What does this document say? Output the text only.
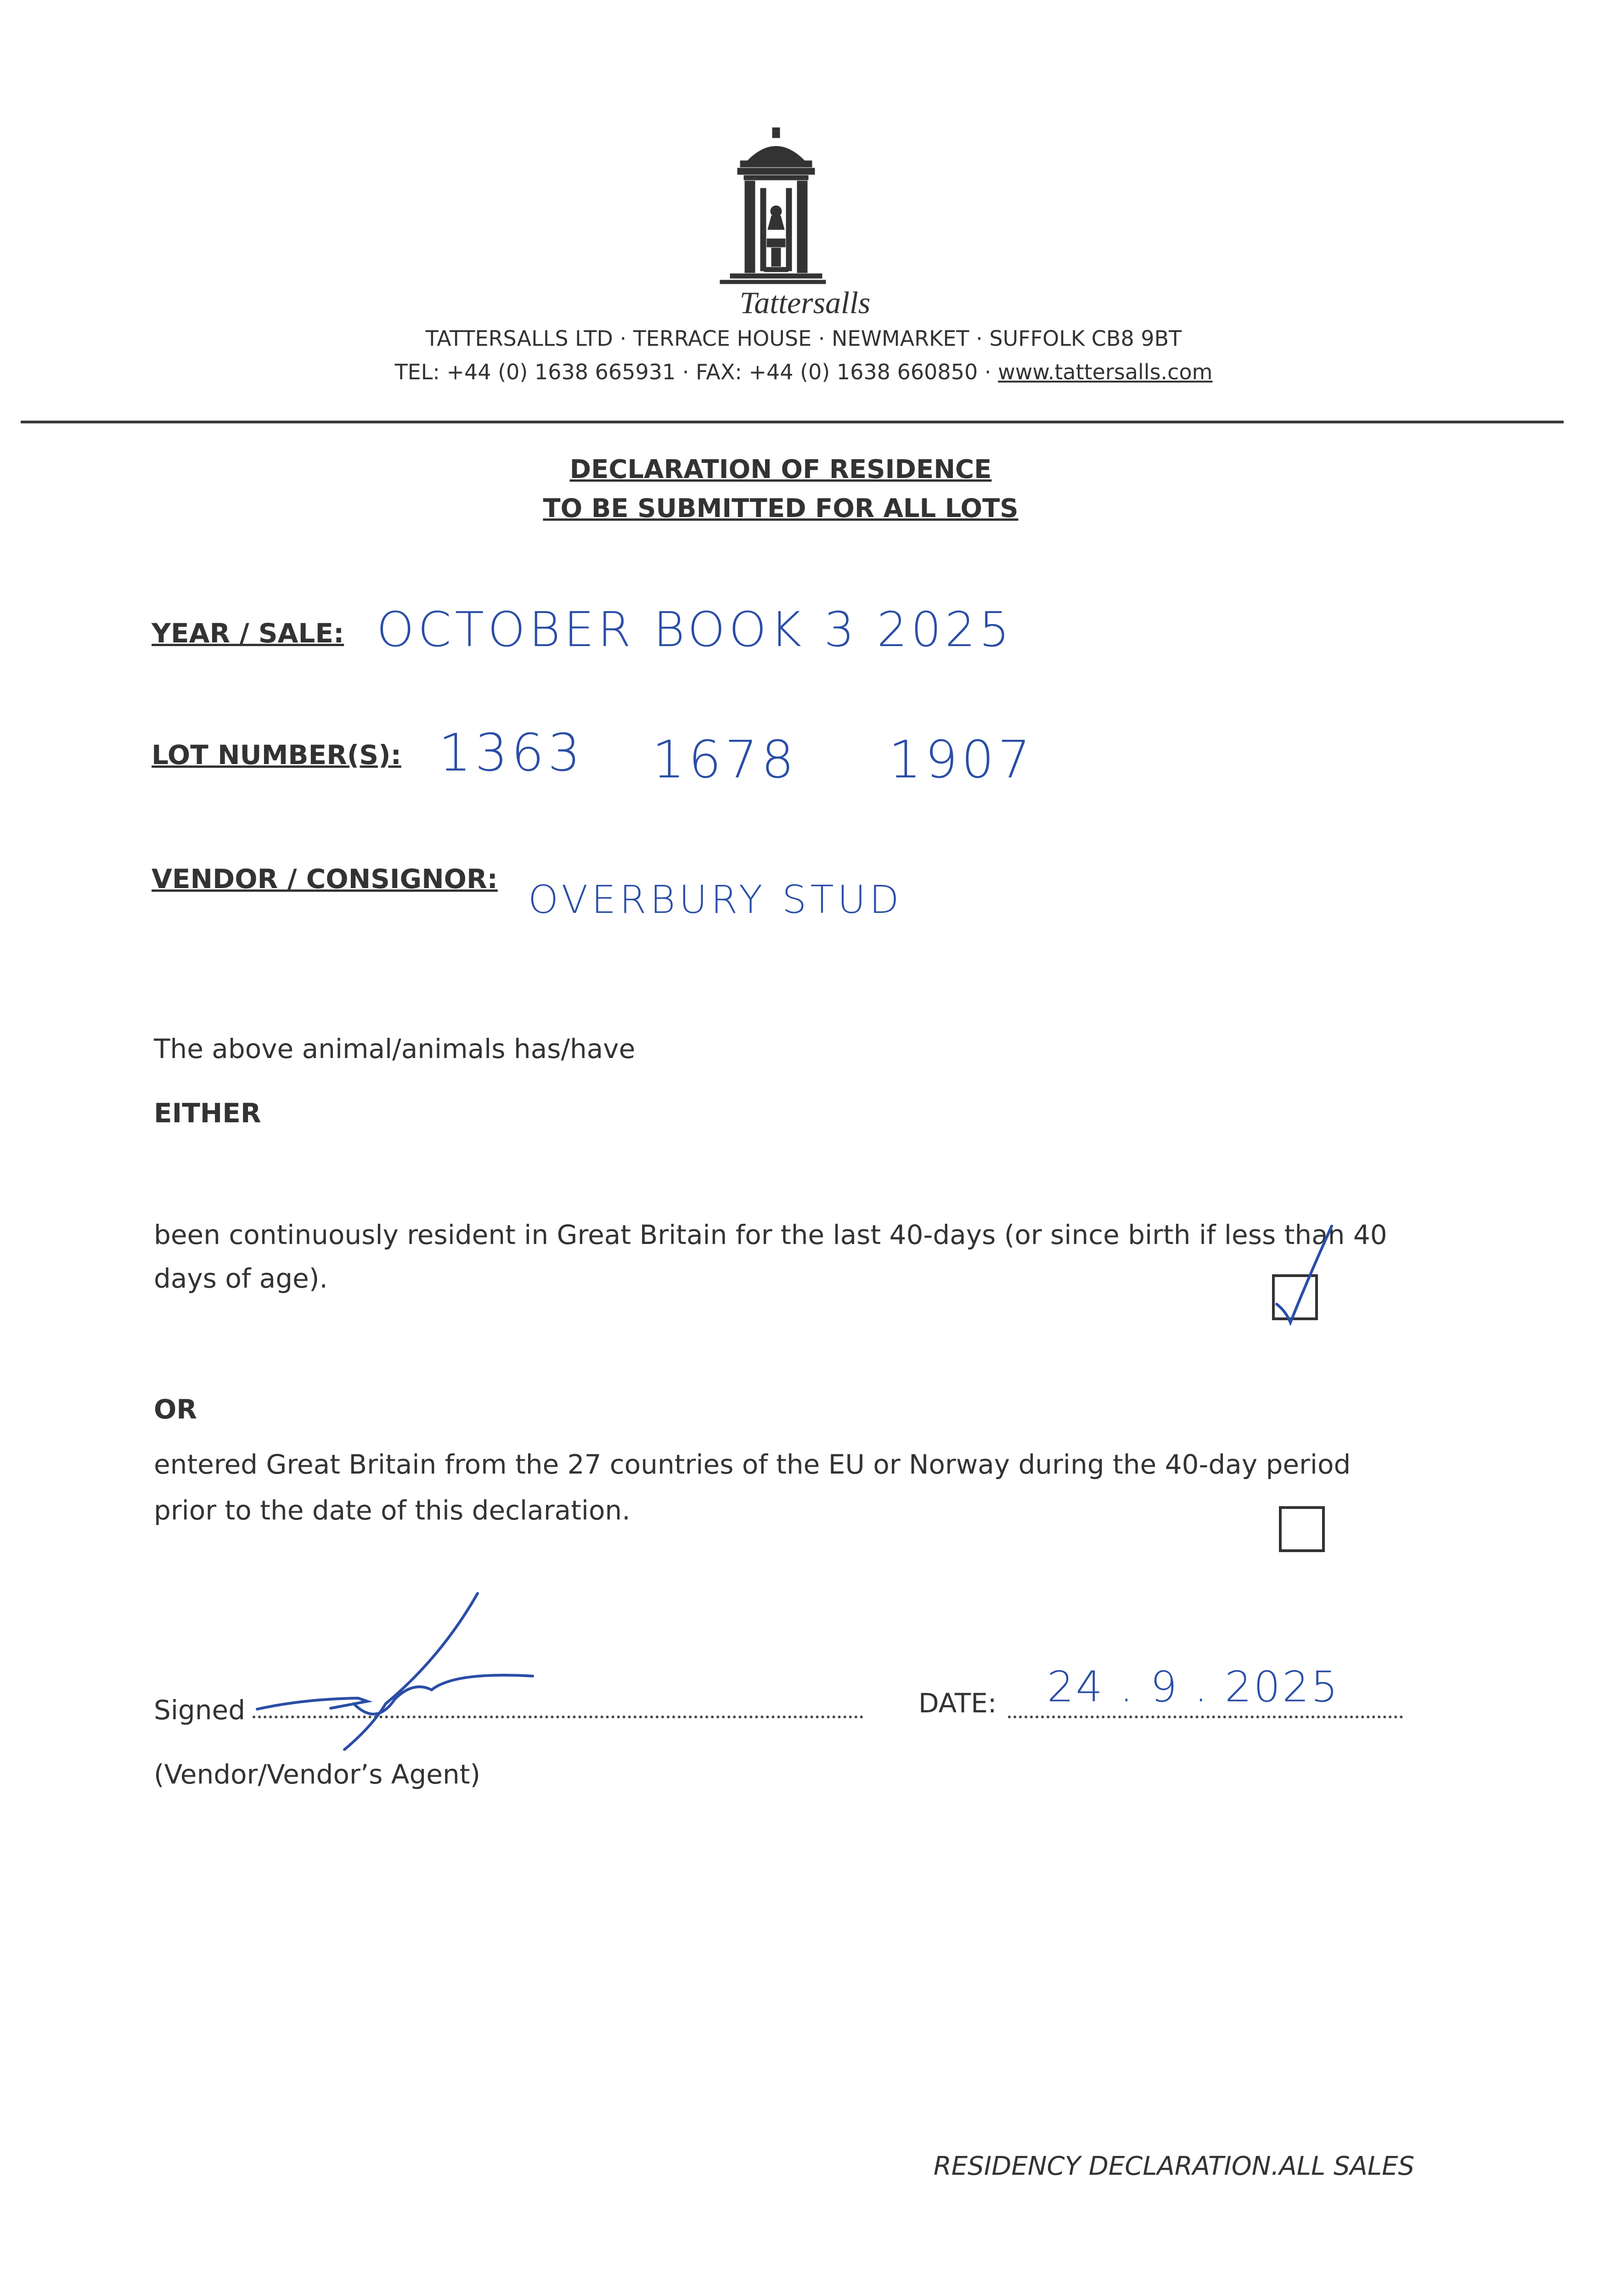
Tattersalls
TATTERSALLS LTD · TERRACE HOUSE · NEWMARKET · SUFFOLK CB8 9BT
TEL: +44 (0) 1638 665931 · FAX: +44 (0) 1638 660850 · www.tattersalls.com
DECLARATION OF RESIDENCE
TO BE SUBMITTED FOR ALL LOTS
YEAR / SALE: OCTOBER BOOK 3 2025
LOT NUMBER(S): 1363 1678 1907
VENDOR / CONSIGNOR: OVERBURY STUD
The above animal/animals has/have
EITHER
been continuously resident in Great Britain for the last 40-days (or since birth if less than 40
days of age).
OR
entered Great Britain from the 27 countries of the EU or Norway during the 40-day period
prior to the date of this declaration.
Signed
(Vendor/Vendor’s Agent)
DATE: 24 . 9 . 2025
RESIDENCY DECLARATION.ALL SALES
